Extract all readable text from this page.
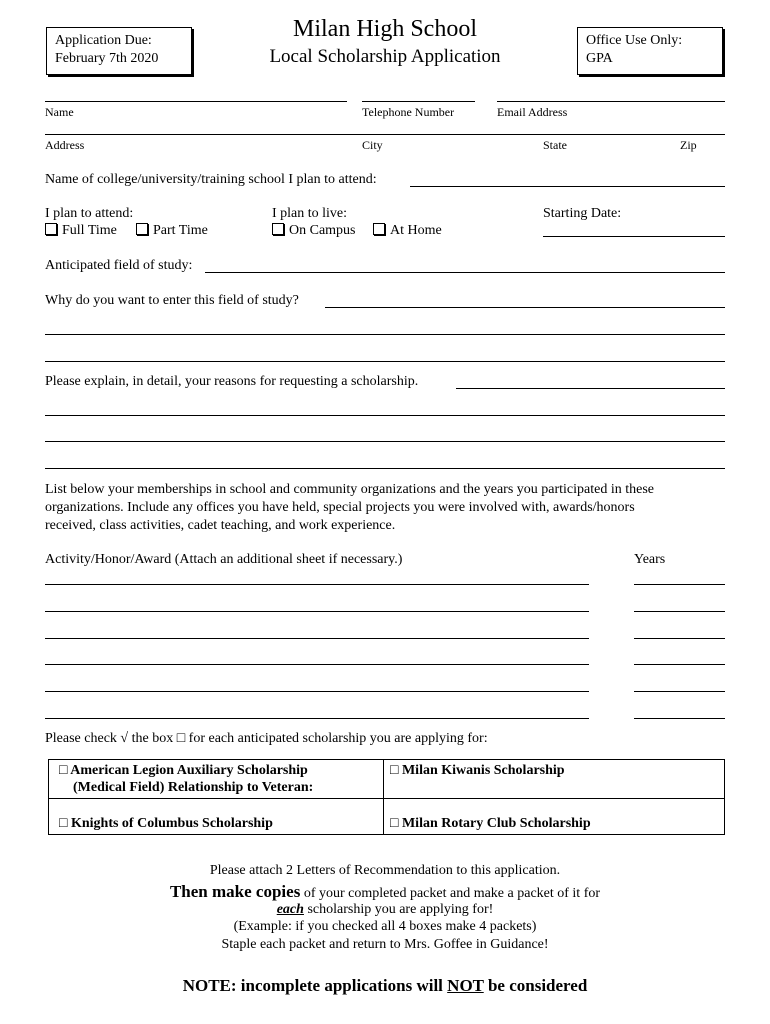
Application Due:
February 7th 2020
Milan High School
Local Scholarship Application
Office Use Only:
GPA
Name	Telephone Number	Email Address
Address	City	State	Zip
Name of college/university/training school I plan to attend:
I plan to attend:
Full Time	Part Time
I plan to live:
On Campus	At Home
Starting Date:
Anticipated field of study:
Why do you want to enter this field of study?
Please explain, in detail, your reasons for requesting a scholarship.
List below your memberships in school and community organizations and the years you participated in these
organizations. Include any offices you have held, special projects you were involved with, awards/honors
received, class activities, cadet teaching, and work experience.
Activity/Honor/Award (Attach an additional sheet if necessary.)	Years
Please check √ the box □ for each anticipated scholarship you are applying for:
□ American Legion Auxiliary Scholarship
(Medical Field) Relationship to Veteran:	□ Milan Kiwanis Scholarship
□ Knights of Columbus Scholarship	□ Milan Rotary Club Scholarship
Please attach 2 Letters of Recommendation to this application.
Then make copies of your completed packet and make a packet of it for
each scholarship you are applying for!
(Example: if you checked all 4 boxes make 4 packets)
Staple each packet and return to Mrs. Goffee in Guidance!
NOTE: incomplete applications will NOT be considered
